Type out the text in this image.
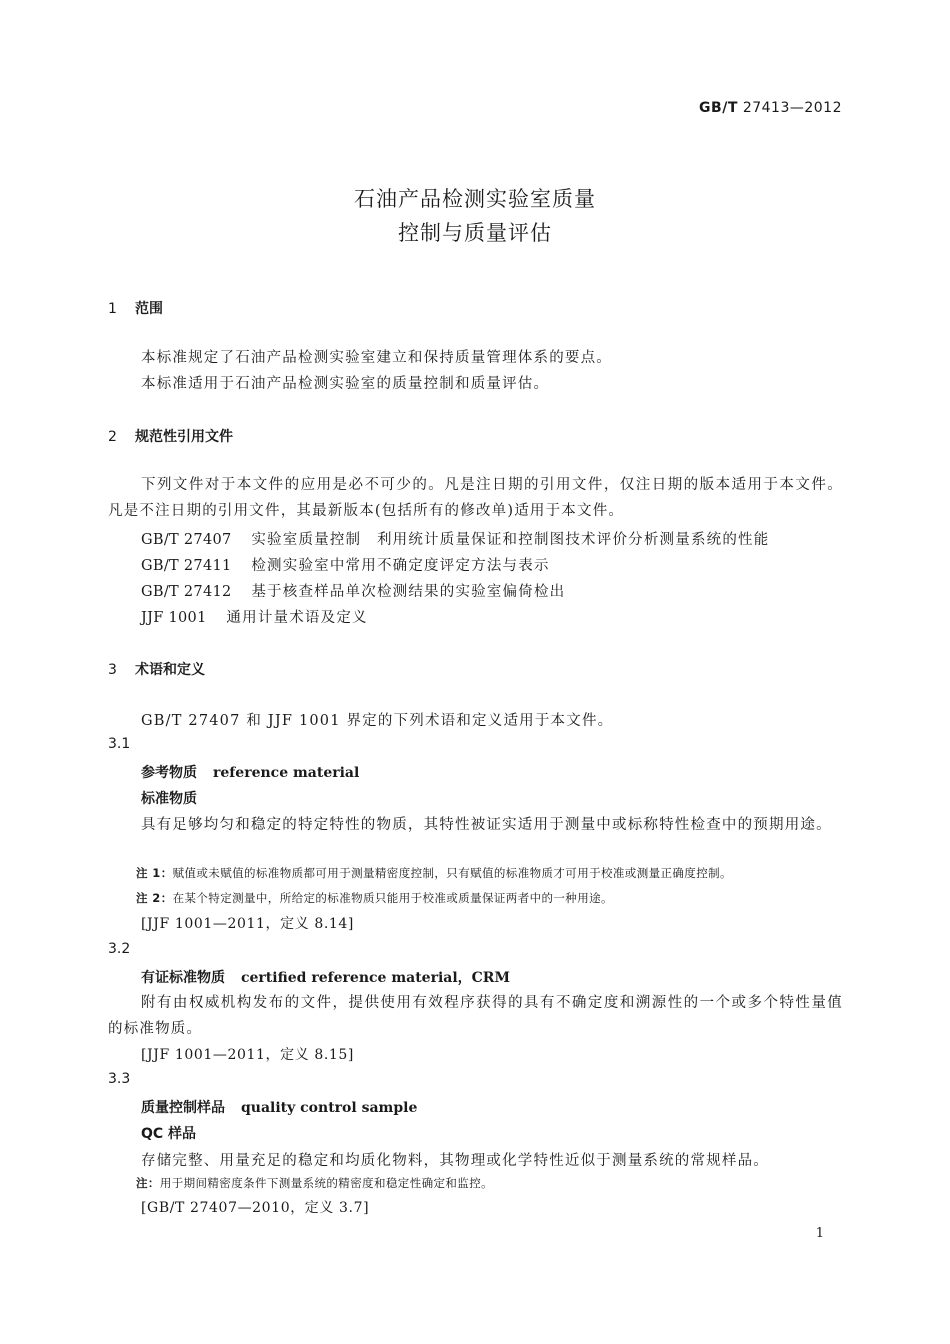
GB/T 27413—2012
石油产品检测实验室质量
控制与质量评估
1 范围
本标准规定了石油产品检测实验室建立和保持质量管理体系的要点。
本标准适用于石油产品检测实验室的质量控制和质量评估。
2 规范性引用文件
下列文件对于本文件的应用是必不可少的。凡是注日期的引用文件，仅注日期的版本适用于本文件。凡是不注日期的引用文件，其最新版本(包括所有的修改单)适用于本文件。
GB/T 27407 实验室质量控制　利用统计质量保证和控制图技术评价分析测量系统的性能
GB/T 27411 检测实验室中常用不确定度评定方法与表示
GB/T 27412 基于核查样品单次检测结果的实验室偏倚检出
JJF 1001 通用计量术语及定义
3 术语和定义
GB/T 27407 和 JJF 1001 界定的下列术语和定义适用于本文件。
3.1
参考物质 reference material
标准物质
具有足够均匀和稳定的特定特性的物质，其特性被证实适用于测量中或标称特性检查中的预期用途。
注 1：赋值或未赋值的标准物质都可用于测量精密度控制，只有赋值的标准物质才可用于校准或测量正确度控制。
注 2：在某个特定测量中，所给定的标准物质只能用于校准或质量保证两者中的一种用途。
[JJF 1001—2011，定义 8.14]
3.2
有证标准物质 certified reference material，CRM
附有由权威机构发布的文件，提供使用有效程序获得的具有不确定度和溯源性的一个或多个特性量值的标准物质。
[JJF 1001—2011，定义 8.15]
3.3
质量控制样品 quality control sample
QC 样品
存储完整、用量充足的稳定和均质化物料，其物理或化学特性近似于测量系统的常规样品。
注：用于期间精密度条件下测量系统的精密度和稳定性确定和监控。
[GB/T 27407—2010，定义 3.7]
1
